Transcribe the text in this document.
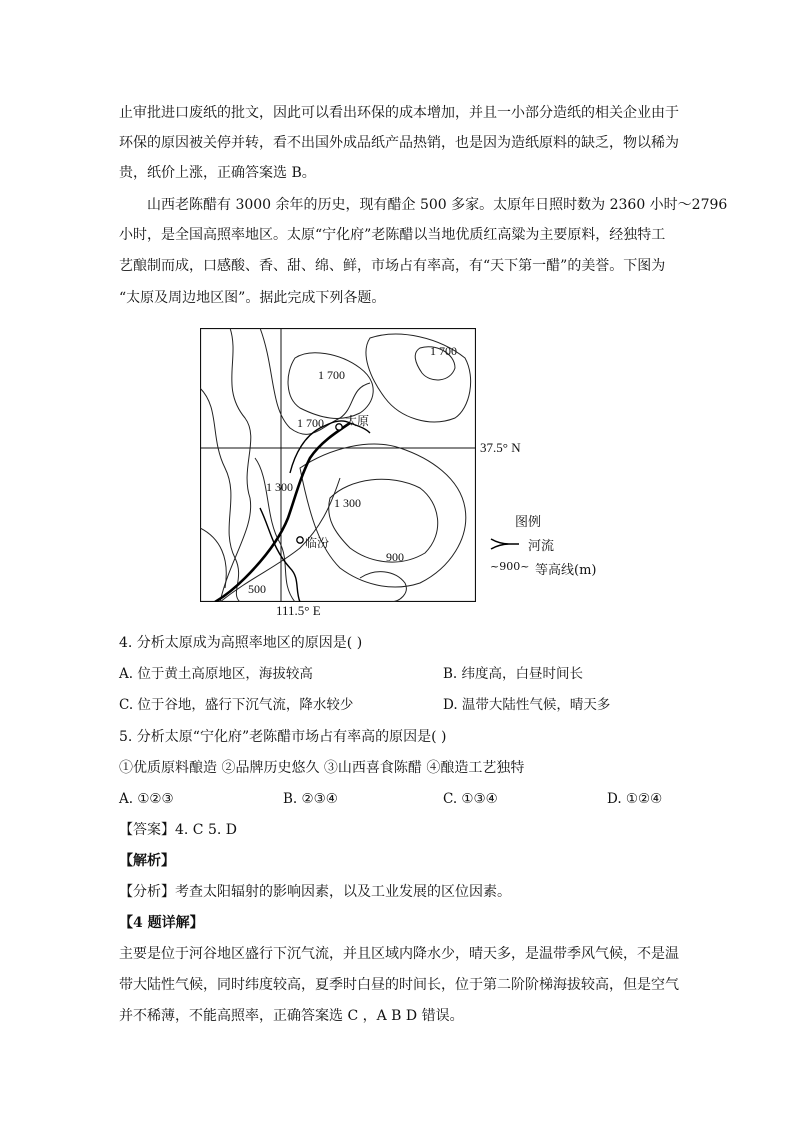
止审批进口废纸的批文，因此可以看出环保的成本增加，并且一小部分造纸的相关企业由于
环保的原因被关停并转，看不出国外成品纸产品热销，也是因为造纸原料的缺乏，物以稀为
贵，纸价上涨，正确答案选 B。
山西老陈醋有 3000 余年的历史，现有醋企 500 多家。太原年日照时数为 2360 小时～2796
小时，是全国高照率地区。太原“宁化府”老陈醋以当地优质红高粱为主要原料，经独特工
艺酿制而成，口感酸、香、甜、绵、鲜，市场占有率高，有“天下第一醋”的美誉。下图为
“太原及周边地区图”。据此完成下列各题。
1 700
1 700
1 700
1 300
1 300
900
500
太原
临汾
37.5° N
111.5° E
图例
河流
~900~ 等高线(m)
4. 分析太原成为高照率地区的原因是( )
A. 位于黄土高原地区，海拔较高	B. 纬度高，白昼时间长
C. 位于谷地，盛行下沉气流，降水较少	D. 温带大陆性气候，晴天多
5. 分析太原“宁化府”老陈醋市场占有率高的原因是( )
①优质原料酿造 ②品牌历史悠久 ③山西喜食陈醋 ④酿造工艺独特
A. ①②③	B. ②③④	C. ①③④	D. ①②④
【答案】4. C 5. D
【解析】
【分析】考查太阳辐射的影响因素，以及工业发展的区位因素。
【4 题详解】
主要是位于河谷地区盛行下沉气流，并且区域内降水少，晴天多，是温带季风气候，不是温
带大陆性气候，同时纬度较高，夏季时白昼的时间长，位于第二阶阶梯海拔较高，但是空气
并不稀薄，不能高照率，正确答案选 C ，A B D 错误。
